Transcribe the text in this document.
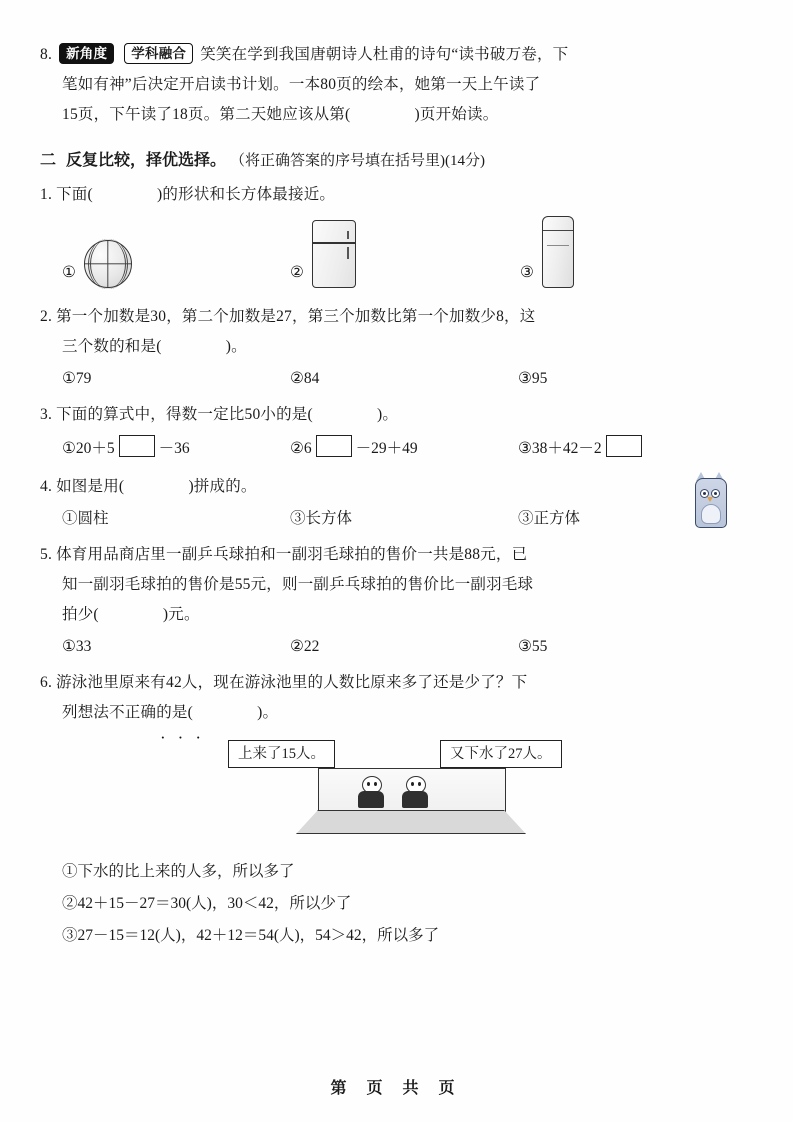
8. 新角度 学科融合 笑笑在学到我国唐朝诗人杜甫的诗句“读书破万卷，下
笔如有神”后决定开启读书计划。一本80页的绘本，她第一天上午读了
15页，下午读了18页。第二天她应该从第(	)页开始读。
二 反复比较，择优选择。 （将正确答案的序号填在括号里)(14分)
1. 下面(	)的形状和长方体最接近。
①	②	③
2. 第一个加数是30，第二个加数是27，第三个加数比第一个加数少8，这
三个数的和是(	)。
①79	②84	③95
3. 下面的算式中，得数一定比50小的是(	)。
①20＋5	－36	②6	－29＋49	③38＋42－2
4. 如图是用(	)拼成的。
①圆柱	③长方体	③正方体
5. 体育用品商店里一副乒乓球拍和一副羽毛球拍的售价一共是88元，已
知一副羽毛球拍的售价是55元，则一副乒乓球拍的售价比一副羽毛球
拍少(	)元。
①33	②22	③55
6. 游泳池里原来有42人，现在游泳池里的人数比原来多了还是少了？下
列想法不正确的是(	)。
···
上来了15人。	又下水了27人。
①下水的比上来的人多，所以多了
②42＋15－27＝30(人)，30＜42，所以少了
③27－15＝12(人)，42＋12＝54(人)，54＞42，所以多了
第 页 共 页
